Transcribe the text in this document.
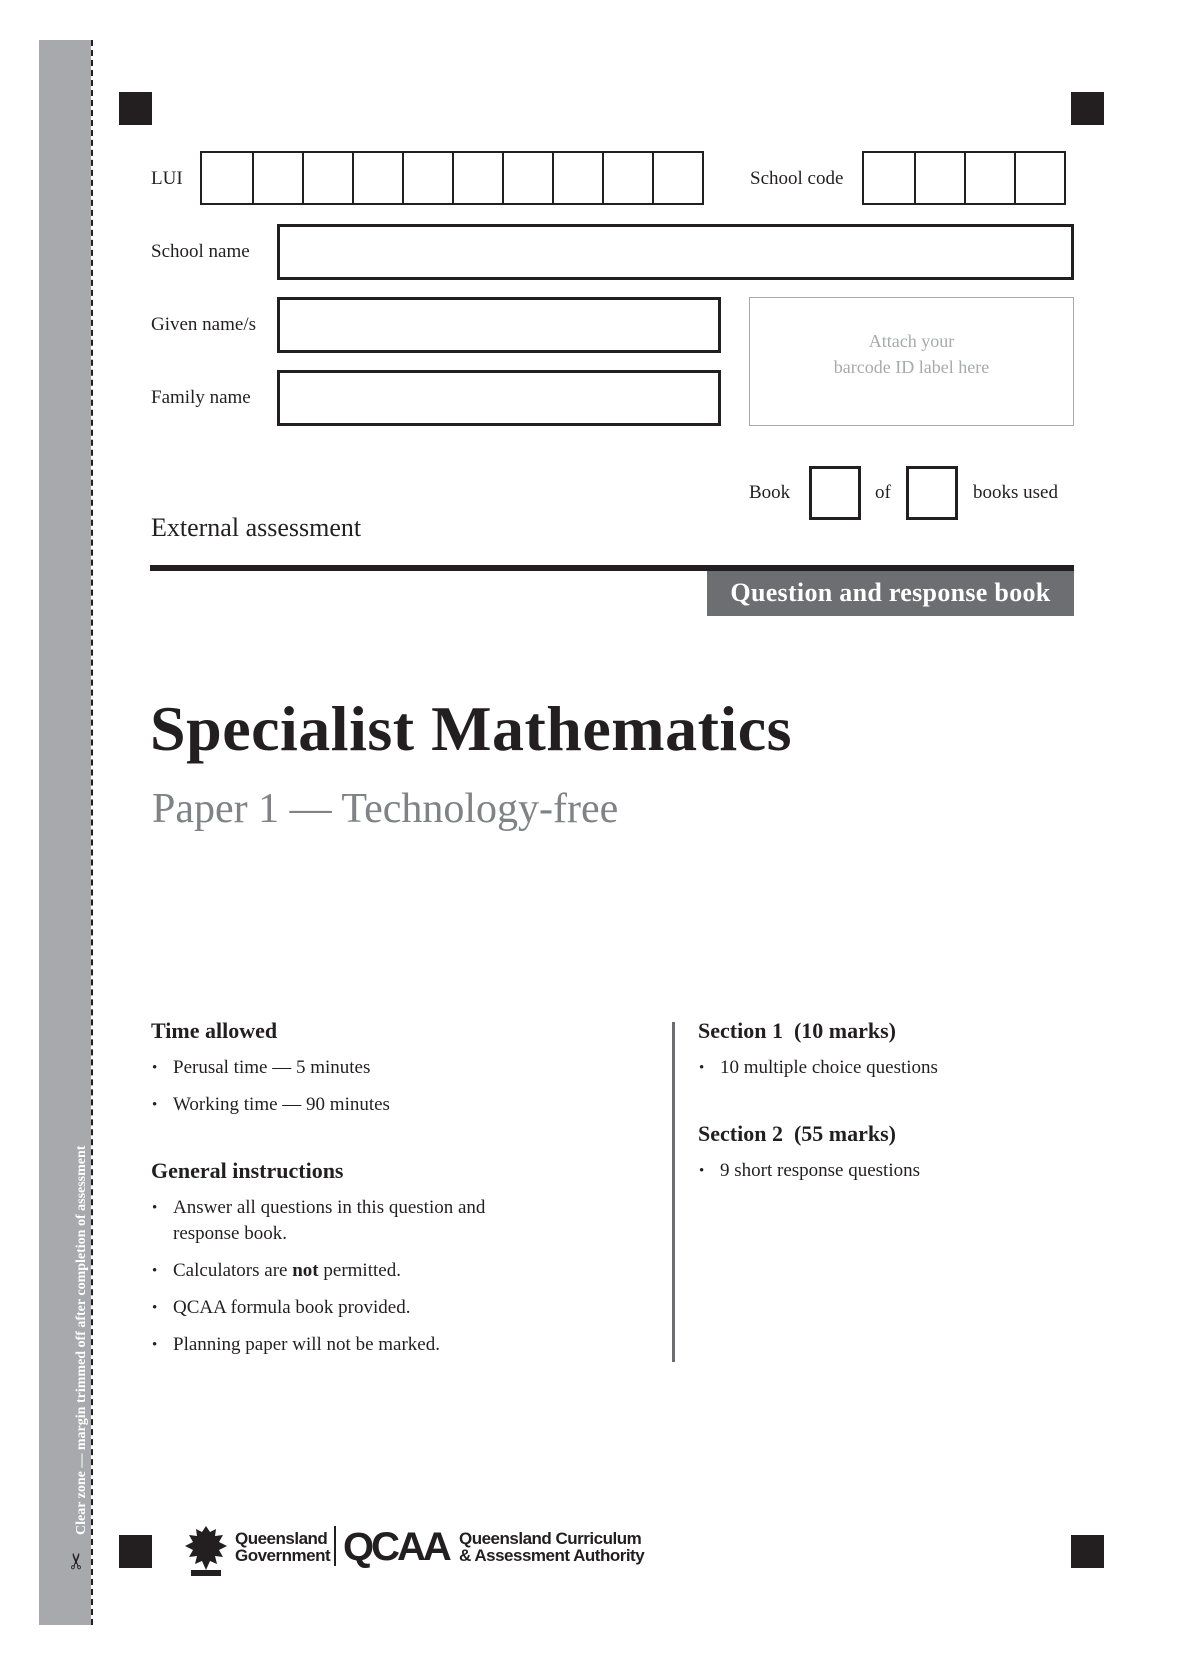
Clear zone — margin trimmed off after completion of assessment
✂
LUI	School code
School name
Given name/s
Family name
Attach your
barcode ID label here
Book	of	books used
External assessment
Question and response book
Specialist Mathematics
Paper 1 — Technology-free
Time allowed
• Perusal time — 5 minutes
• Working time — 90 minutes
General instructions
• Answer all questions in this question and
response book.
• Calculators are not permitted.
• QCAA formula book provided.
• Planning paper will not be marked.
Section 1  (10 marks)
• 10 multiple choice questions
Section 2  (55 marks)
• 9 short response questions
Queensland
Government QCAA Queensland Curriculum
& Assessment Authority
